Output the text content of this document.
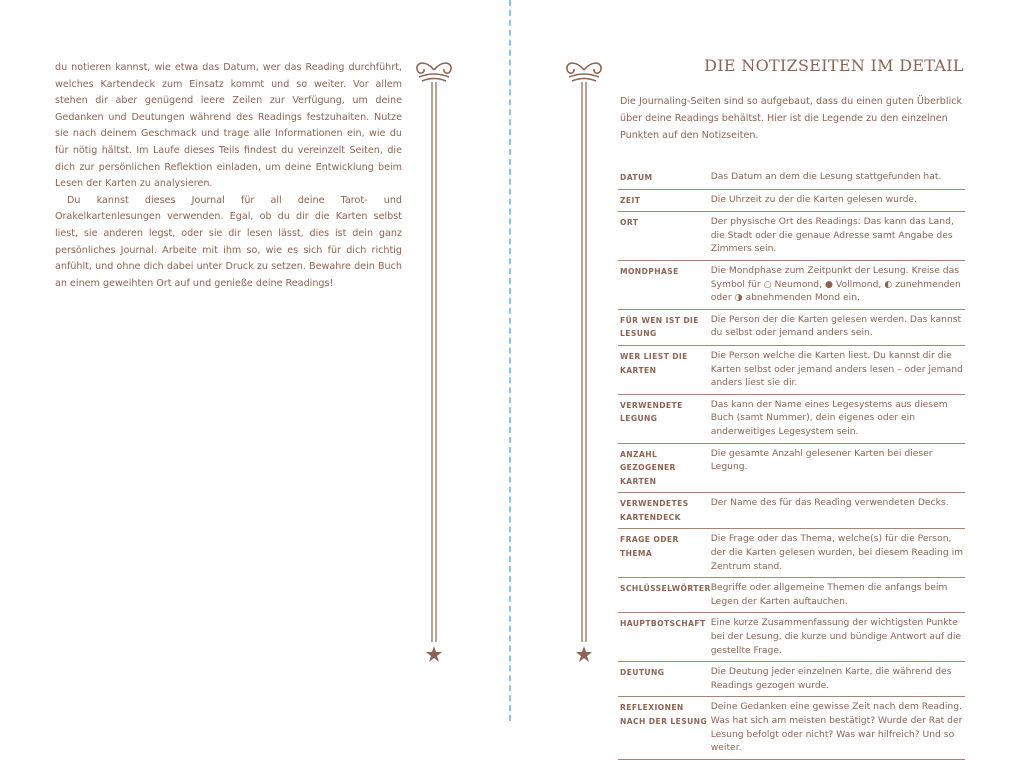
du notieren kannst, wie etwa das Datum, wer das Reading durchführt, welches Kartendeck zum Einsatz kommt und so weiter. Vor allem stehen dir aber genügend leere Zeilen zur Verfügung, um deine Gedanken und Deutungen während des Readings festzuhalten. Nutze sie nach deinem Geschmack und trage alle Informationen ein, wie du für nötig hältst. Im Laufe dieses Teils findest du vereinzelt Seiten, die dich zur persönlichen Reflektion einladen, um deine Entwicklung beim Lesen der Karten zu analysieren.

Du kannst dieses Journal für all deine Tarot- und Orakelkartenlesungen verwenden. Egal, ob du dir die Karten selbst liest, sie anderen legst, oder sie dir lesen lässt, dies ist dein ganz persönliches Journal. Arbeite mit ihm so, wie es sich für dich richtig anfühlt, und ohne dich dabei unter Druck zu setzen. Bewahre dein Buch an einem geweihten Ort auf und genieße deine Readings!

DIE NOTIZSEITEN IM DETAIL
Die Journaling-Seiten sind so aufgebaut, dass du einen guten Überblick über deine Readings behältst. Hier ist die Legende zu den einzelnen Punkten auf den Notizseiten.
DATUM	Das Datum an dem die Lesung stattgefunden hat.
ZEIT	Die Uhrzeit zu der die Karten gelesen wurde.
ORT	Der physische Ort des Readings: Das kann das Land, die Stadt oder die genaue Adresse samt Angabe des Zimmers sein.
MONDPHASE	Die Mondphase zum Zeitpunkt der Lesung. Kreise das Symbol für ○ Neumond, ● Vollmond, ◐ zunehmenden oder ◑ abnehmenden Mond ein.
FÜR WEN IST DIE LESUNG	Die Person der die Karten gelesen werden. Das kannst du selbst oder jemand anders sein.
WER LIEST DIE KARTEN	Die Person welche die Karten liest. Du kannst dir die Karten selbst oder jemand anders lesen – oder jemand anders liest sie dir.
VERWENDETE LEGUNG	Das kann der Name eines Legesystems aus diesem Buch (samt Nummer), dein eigenes oder ein anderweitiges Legesystem sein.
ANZAHL GEZOGENER KARTEN	Die gesamte Anzahl gelesener Karten bei dieser Legung.
VERWENDETES KARTENDECK	Der Name des für das Reading verwendeten Decks.
FRAGE ODER THEMA	Die Frage oder das Thema, welche(s) für die Person, der die Karten gelesen wurden, bei diesem Reading im Zentrum stand.
SCHLÜSSELWÖRTER	Begriffe oder allgemeine Themen die anfangs beim Legen der Karten auftauchen.
HAUPTBOTSCHAFT	Eine kurze Zusammenfassung der wichtigsten Punkte bei der Lesung, die kurze und bündige Antwort auf die gestellte Frage.
DEUTUNG	Die Deutung jeder einzelnen Karte, die während des Readings gezogen wurde.
REFLEXIONEN NACH DER LESUNG	Deine Gedanken eine gewisse Zeit nach dem Reading. Was hat sich am meisten bestätigt? Wurde der Rat der Lesung befolgt oder nicht? Was war hilfreich? Und so weiter.
